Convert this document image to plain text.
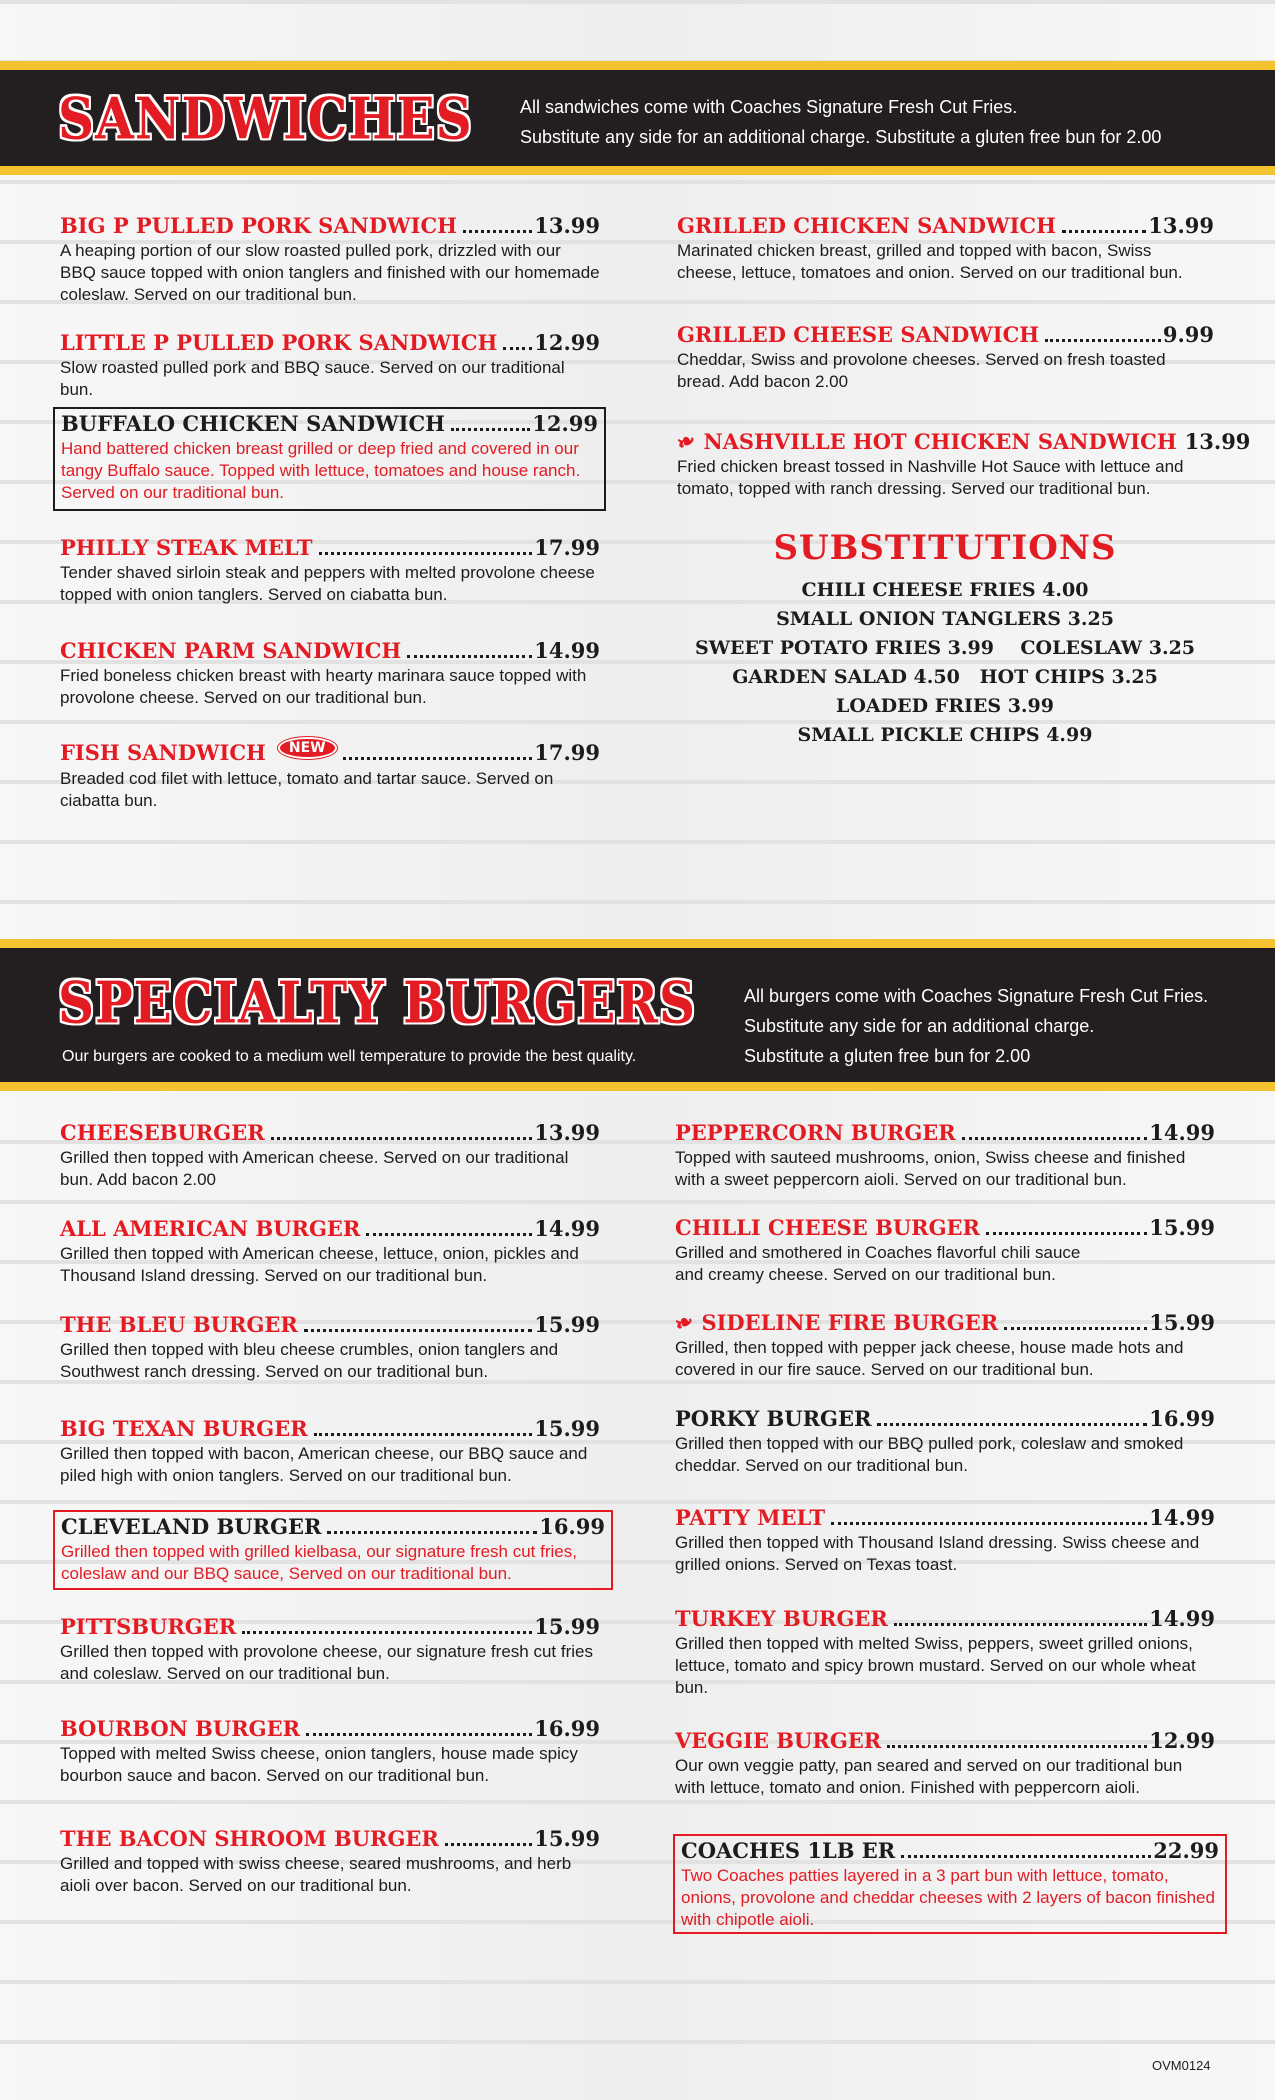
SANDWICHES	All sandwiches come with Coaches Signature Fresh Cut Fries.
Substitute any side for an additional charge. Substitute a gluten free bun for 2.00
BIG P PULLED PORK SANDWICH	13.99
A heaping portion of our slow roasted pulled pork, drizzled with our BBQ sauce topped with onion tanglers and finished with our homemade coleslaw. Served on our traditional bun.
LITTLE P PULLED PORK SANDWICH 12.99
Slow roasted pulled pork and BBQ sauce. Served on our traditional bun.
BUFFALO CHICKEN SANDWICH	12.99
Hand battered chicken breast grilled or deep fried and covered in our tangy Buffalo sauce. Topped with lettuce, tomatoes and house ranch. Served on our traditional bun.
PHILLY STEAK MELT	17.99
Tender shaved sirloin steak and peppers with melted provolone cheese topped with onion tanglers. Served on ciabatta bun.
CHICKEN PARM SANDWICH	14.99
Fried boneless chicken breast with hearty marinara sauce topped with provolone cheese. Served on our traditional bun.
FISH SANDWICH	NEW	17.99
Breaded cod filet with lettuce, tomato and tartar sauce. Served on ciabatta bun.
GRILLED CHICKEN SANDWICH	13.99
Marinated chicken breast, grilled and topped with bacon, Swiss cheese, lettuce, tomatoes and onion. Served on our traditional bun.
GRILLED CHEESE SANDWICH	9.99
Cheddar, Swiss and provolone cheeses. Served on fresh toasted bread. Add bacon 2.00
❧ NASHVILLE HOT CHICKEN SANDWICH 13.99
Fried chicken breast tossed in Nashville Hot Sauce with lettuce and tomato, topped with ranch dressing. Served our traditional bun.
SUBSTITUTIONS
CHILI CHEESE FRIES 4.00
SMALL ONION TANGLERS 3.25
SWEET POTATO FRIES 3.99    COLESLAW 3.25
GARDEN SALAD 4.50   HOT CHIPS 3.25
LOADED FRIES 3.99
SMALL PICKLE CHIPS 4.99
SPECIALTY BURGERS
Our burgers are cooked to a medium well temperature to provide the best quality.
All burgers come with Coaches Signature Fresh Cut Fries.
Substitute any side for an additional charge.
Substitute a gluten free bun for 2.00
CHEESEBURGER	13.99
Grilled then topped with American cheese. Served on our traditional bun. Add bacon 2.00
ALL AMERICAN BURGER	14.99
Grilled then topped with American cheese, lettuce, onion, pickles and Thousand Island dressing. Served on our traditional bun.
THE BLEU BURGER	15.99
Grilled then topped with bleu cheese crumbles, onion tanglers and Southwest ranch dressing. Served on our traditional bun.
BIG TEXAN BURGER	15.99
Grilled then topped with bacon, American cheese, our BBQ sauce and piled high with onion tanglers. Served on our traditional bun.
CLEVELAND BURGER	16.99
Grilled then topped with grilled kielbasa, our signature fresh cut fries, coleslaw and our BBQ sauce, Served on our traditional bun.
PITTSBURGER	15.99
Grilled then topped with provolone cheese, our signature fresh cut fries and coleslaw. Served on our traditional bun.
BOURBON BURGER	16.99
Topped with melted Swiss cheese, onion tanglers, house made spicy bourbon sauce and bacon. Served on our traditional bun.
THE BACON SHROOM BURGER	15.99
Grilled and topped with swiss cheese, seared mushrooms, and herb aioli over bacon. Served on our traditional bun.
PEPPERCORN BURGER	14.99
Topped with sauteed mushrooms, onion, Swiss cheese and finished with a sweet peppercorn aioli. Served on our traditional bun.
CHILLI CHEESE BURGER	15.99
Grilled and smothered in Coaches flavorful chili sauce and creamy cheese. Served on our traditional bun.
❧ SIDELINE FIRE BURGER	15.99
Grilled, then topped with pepper jack cheese, house made hots and covered in our fire sauce. Served on our traditional bun.
PORKY BURGER	16.99
Grilled then topped with our BBQ pulled pork, coleslaw and smoked cheddar. Served on our traditional bun.
PATTY MELT	14.99
Grilled then topped with Thousand Island dressing. Swiss cheese and grilled onions. Served on Texas toast.
TURKEY BURGER	14.99
Grilled then topped with melted Swiss, peppers, sweet grilled onions, lettuce, tomato and spicy brown mustard. Served on our whole wheat bun.
VEGGIE BURGER	12.99
Our own veggie patty, pan seared and served on our traditional bun with lettuce, tomato and onion. Finished with peppercorn aioli.
COACHES 1LB ER	22.99
Two Coaches patties layered in a 3 part bun with lettuce, tomato, onions, provolone and cheddar cheeses with 2 layers of bacon finished with chipotle aioli.
OVM0124
